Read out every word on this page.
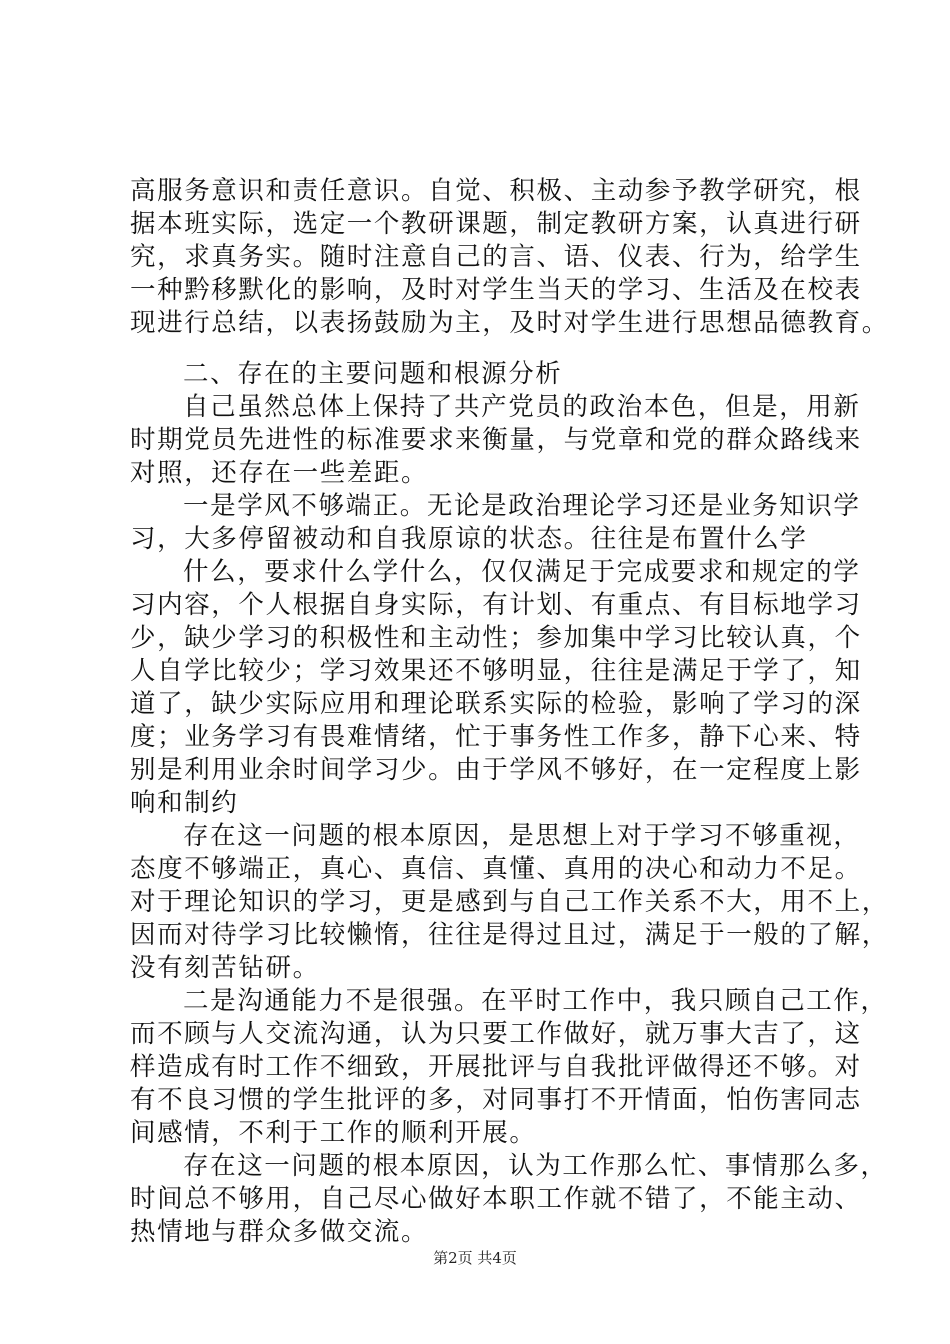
高服务意识和责任意识。自觉、积极、主动参予教学研究，根
据本班实际，选定一个教研课题，制定教研方案，认真进行研
究，求真务实。随时注意自己的言、语、仪表、行为，给学生
一种黔移默化的影响，及时对学生当天的学习、生活及在校表
现进行总结，以表扬鼓励为主，及时对学生进行思想品德教育。
二、存在的主要问题和根源分析
自己虽然总体上保持了共产党员的政治本色，但是，用新
时期党员先进性的标准要求来衡量，与党章和党的群众路线来
对照，还存在一些差距。
一是学风不够端正。无论是政治理论学习还是业务知识学
习，大多停留被动和自我原谅的状态。往往是布置什么学
什么，要求什么学什么，仅仅满足于完成要求和规定的学
习内容，个人根据自身实际，有计划、有重点、有目标地学习
少，缺少学习的积极性和主动性；参加集中学习比较认真，个
人自学比较少；学习效果还不够明显，往往是满足于学了，知
道了，缺少实际应用和理论联系实际的检验，影响了学习的深
度；业务学习有畏难情绪，忙于事务性工作多，静下心来、特
别是利用业余时间学习少。由于学风不够好，在一定程度上影
响和制约
存在这一问题的根本原因，是思想上对于学习不够重视，
态度不够端正，真心、真信、真懂、真用的决心和动力不足。
对于理论知识的学习，更是感到与自己工作关系不大，用不上，
因而对待学习比较懒惰，往往是得过且过，满足于一般的了解，
没有刻苦钻研。
二是沟通能力不是很强。在平时工作中，我只顾自己工作，
而不顾与人交流沟通，认为只要工作做好，就万事大吉了，这
样造成有时工作不细致，开展批评与自我批评做得还不够。对
有不良习惯的学生批评的多，对同事打不开情面，怕伤害同志
间感情，不利于工作的顺利开展。
存在这一问题的根本原因，认为工作那么忙、事情那么多，
时间总不够用，自己尽心做好本职工作就不错了，不能主动、
热情地与群众多做交流。
第2页 共4页
